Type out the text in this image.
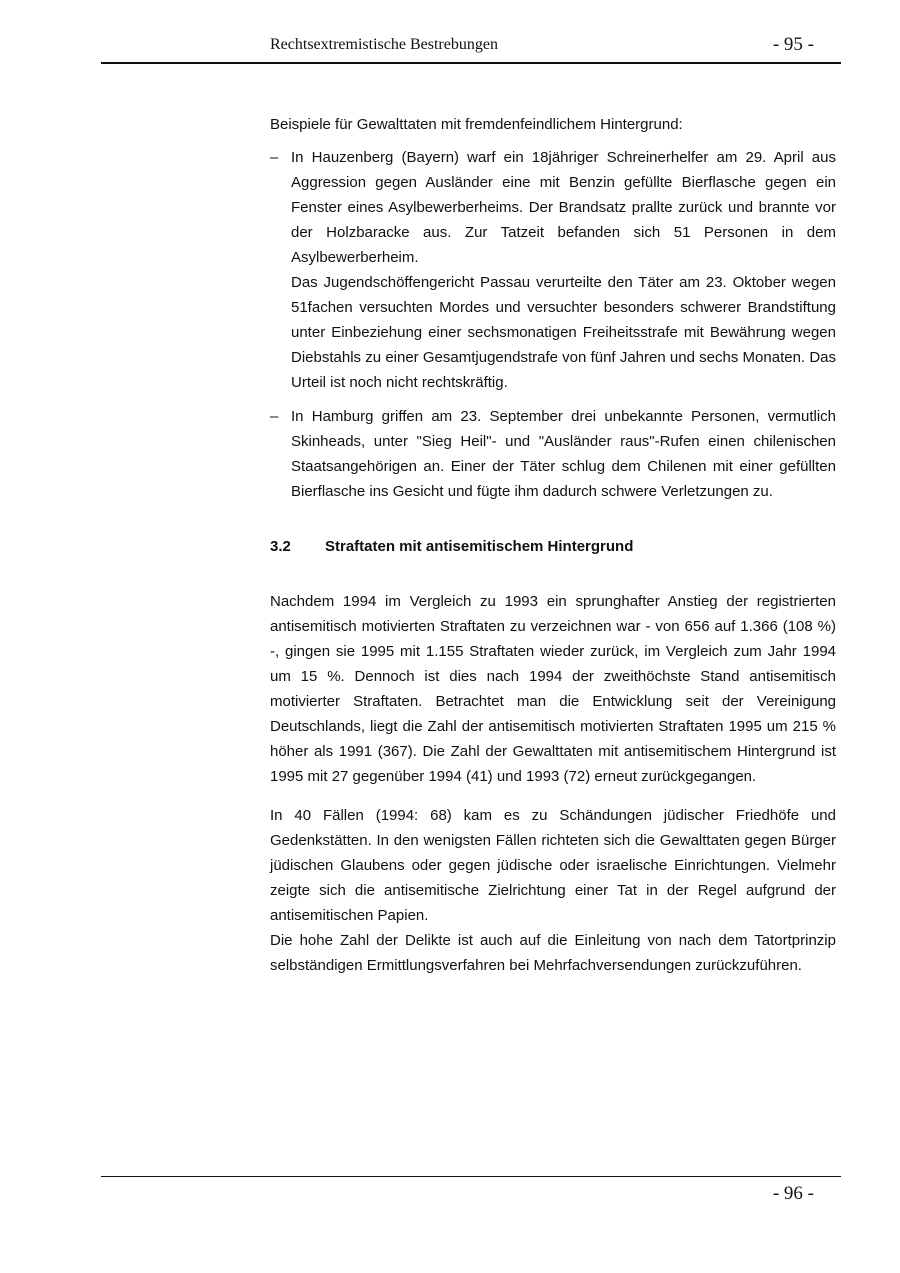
Rechtsextremistische Bestrebungen	- 95 -

Beispiele für Gewalttaten mit fremdenfeindlichem Hintergrund:

– In Hauzenberg (Bayern) warf ein 18jähriger Schreinerhelfer am 29. April aus Aggression gegen Ausländer eine mit Benzin gefüllte Bierflasche gegen ein Fenster eines Asylbewerberheims. Der Brandsatz prallte zurück und brannte vor der Holzbaracke aus. Zur Tatzeit befanden sich 51 Personen in dem Asylbewerberheim.

Das Jugendschöffengericht Passau verurteilte den Täter am 23. Oktober wegen 51fachen versuchten Mordes und versuchter besonders schwerer Brandstiftung unter Einbeziehung einer sechsmonatigen Freiheitsstrafe mit Bewährung wegen Diebstahls zu einer Gesamtjugendstrafe von fünf Jahren und sechs Monaten. Das Urteil ist noch nicht rechtskräftig.

– In Hamburg griffen am 23. September drei unbekannte Personen, vermutlich Skinheads, unter "Sieg Heil"- und "Ausländer raus"-Rufen einen chilenischen Staatsangehörigen an. Einer der Täter schlug dem Chilenen mit einer gefüllten Bierflasche ins Gesicht und fügte ihm dadurch schwere Verletzungen zu.

3.2 Straftaten mit antisemitischem Hintergrund

Nachdem 1994 im Vergleich zu 1993 ein sprunghafter Anstieg der registrierten antisemitisch motivierten Straftaten zu verzeichnen war - von 656 auf 1.366 (108 %) -, gingen sie 1995 mit 1.155 Straftaten wieder zurück, im Vergleich zum Jahr 1994 um 15 %. Dennoch ist dies nach 1994 der zweithöchste Stand antisemitisch motivierter Straftaten. Betrachtet man die Entwicklung seit der Vereinigung Deutschlands, liegt die Zahl der antisemitisch motivierten Straftaten 1995 um 215 % höher als 1991 (367). Die Zahl der Gewalttaten mit antisemitischem Hintergrund ist 1995 mit 27 gegenüber 1994 (41) und 1993 (72) erneut zurückgegangen.

In 40 Fällen (1994: 68) kam es zu Schändungen jüdischer Friedhöfe und Gedenkstätten. In den wenigsten Fällen richteten sich die Gewalttaten gegen Bürger jüdischen Glaubens oder gegen jüdische oder israelische Einrichtungen. Vielmehr zeigte sich die antisemitische Zielrichtung einer Tat in der Regel aufgrund der antisemitischen Papien.

Die hohe Zahl der Delikte ist auch auf die Einleitung von nach dem Tatortprinzip selbständigen Ermittlungsverfahren bei Mehrfachversendungen zurückzuführen.

- 96 -
